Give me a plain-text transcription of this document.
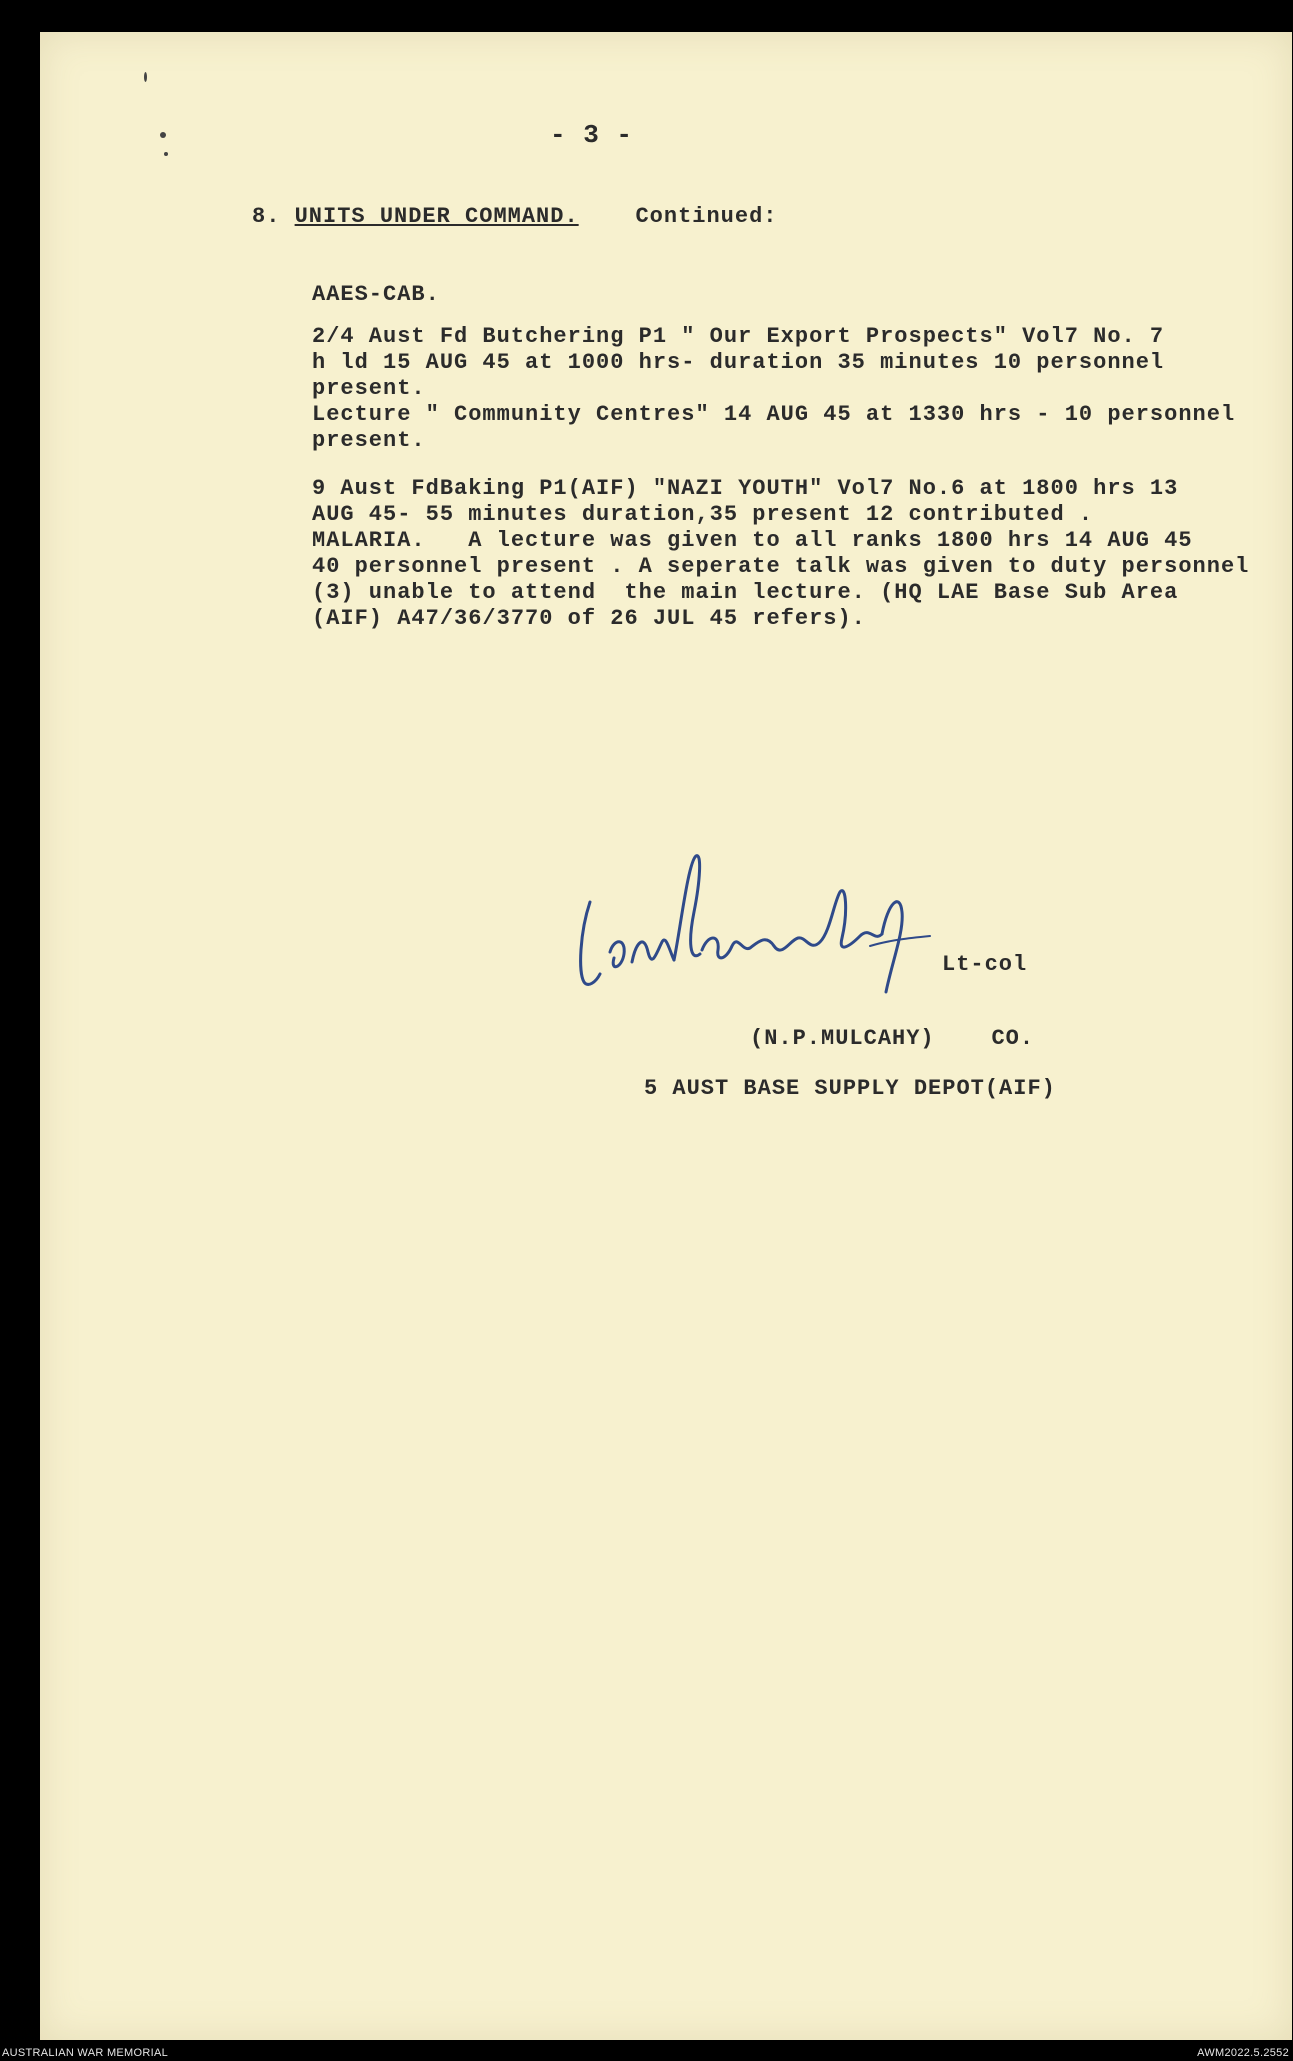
- 3 -
8. UNITS UNDER COMMAND.	Continued:
AAES-CAB.
2/4 Aust Fd Butchering P1 " Our Export Prospects" Vol7 No. 7
h ld 15 AUG 45 at 1000 hrs- duration 35 minutes 10 personnel
present.
Lecture " Community Centres" 14 AUG 45 at 1330 hrs - 10 personnel
present.
9 Aust FdBaking P1(AIF) "NAZI YOUTH" Vol7 No.6 at 1800 hrs 13
AUG 45- 55 minutes duration,35 present 12 contributed .
MALARIA.   A lecture was given to all ranks 1800 hrs 14 AUG 45
40 personnel present . A seperate talk was given to duty personnel
(3) unable to attend  the main lecture. (HQ LAE Base Sub Area
(AIF) A47/36/3770 of 26 JUL 45 refers).
Lt-col
(N.P.MULCAHY)	CO.
5 AUST BASE SUPPLY DEPOT(AIF)
AUSTRALIAN WAR MEMORIAL	AWM2022.5.2552
